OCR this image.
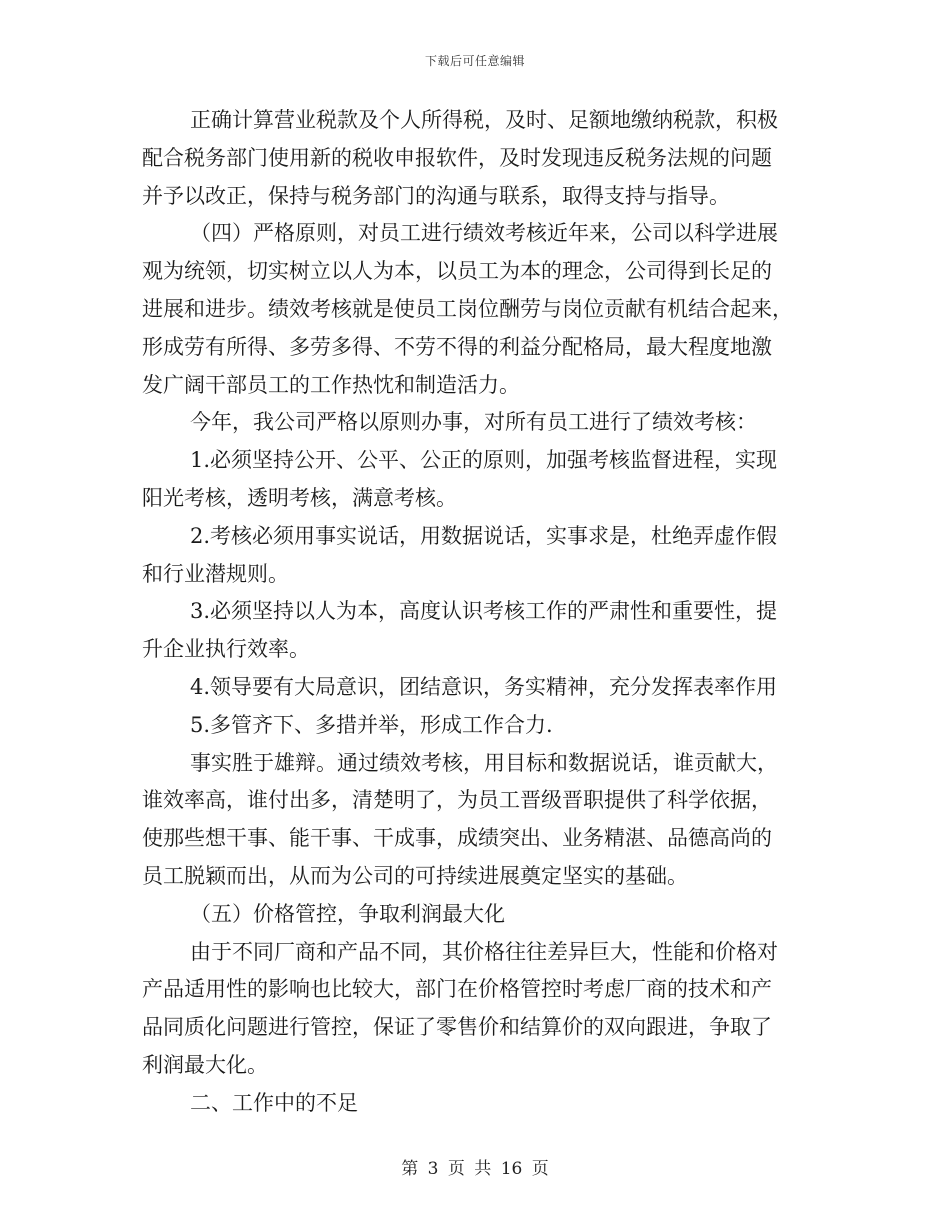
下载后可任意编辑
正确计算营业税款及个人所得税，及时、足额地缴纳税款，积极
配合税务部门使用新的税收申报软件，及时发现违反税务法规的问题
并予以改正，保持与税务部门的沟通与联系，取得支持与指导。
（四）严格原则，对员工进行绩效考核近年来，公司以科学进展
观为统领，切实树立以人为本，以员工为本的理念，公司得到长足的
进展和进步。绩效考核就是使员工岗位酬劳与岗位贡献有机结合起来，
形成劳有所得、多劳多得、不劳不得的利益分配格局，最大程度地激
发广阔干部员工的工作热忱和制造活力。
今年，我公司严格以原则办事，对所有员工进行了绩效考核：
1.必须坚持公开、公平、公正的原则，加强考核监督进程，实现
阳光考核，透明考核，满意考核。
2.考核必须用事实说话，用数据说话，实事求是，杜绝弄虚作假
和行业潜规则。
3.必须坚持以人为本，高度认识考核工作的严肃性和重要性，提
升企业执行效率。
4.领导要有大局意识，团结意识，务实精神，充分发挥表率作用
5.多管齐下、多措并举，形成工作合力.
事实胜于雄辩。通过绩效考核，用目标和数据说话，谁贡献大，
谁效率高，谁付出多，清楚明了，为员工晋级晋职提供了科学依据，
使那些想干事、能干事、干成事，成绩突出、业务精湛、品德高尚的
员工脱颖而出，从而为公司的可持续进展奠定坚实的基础。
（五）价格管控，争取利润最大化
由于不同厂商和产品不同，其价格往往差异巨大，性能和价格对
产品适用性的影响也比较大，部门在价格管控时考虑厂商的技术和产
品同质化问题进行管控，保证了零售价和结算价的双向跟进，争取了
利润最大化。
二、工作中的不足
第 3 页 共 16 页
